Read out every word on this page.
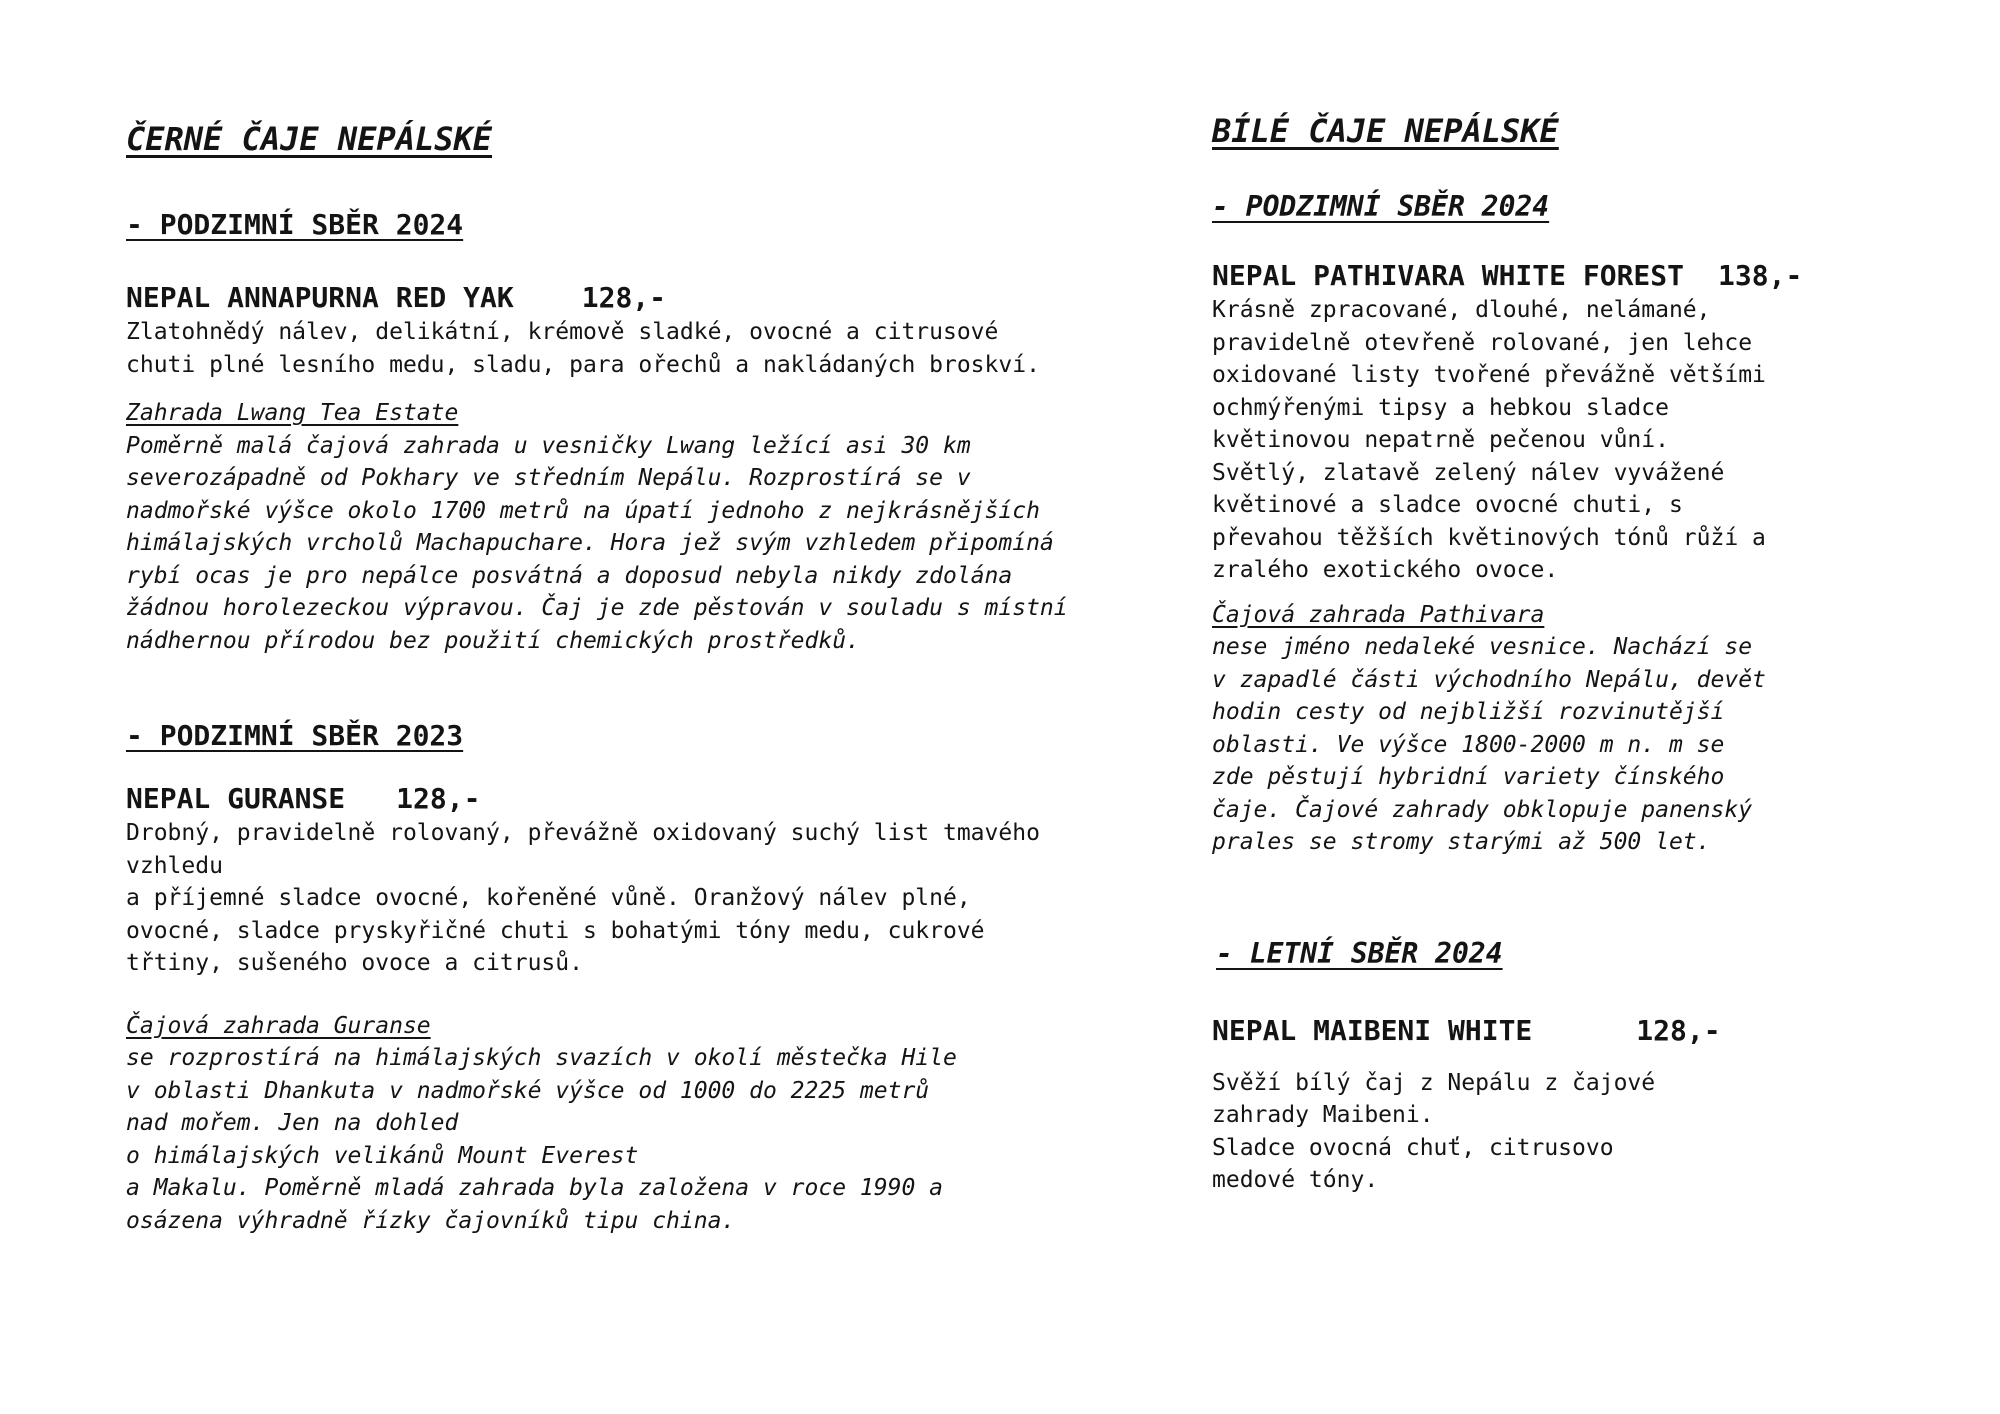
ČERNÉ ČAJE NEPÁLSKÉ
- PODZIMNÍ SBĚR 2024
NEPAL ANNAPURNA RED YAK 128,-

Zlatohnědý nálev, delikátní, krémově sladké, ovocné a citrusové
chuti plné lesního medu, sladu, para ořechů a nakládaných broskví.

Zahrada Lwang Tea Estate

Poměrně malá čajová zahrada u vesničky Lwang ležící asi 30 km
severozápadně od Pokhary ve středním Nepálu. Rozprostírá se v
nadmořské výšce okolo 1700 metrů na úpatí jednoho z nejkrásnějších
himálajských vrcholů Machapuchare. Hora jež svým vzhledem připomíná
rybí ocas je pro nepálce posvátná a doposud nebyla nikdy zdolána
žádnou horolezeckou výpravou. Čaj je zde pěstován v souladu s místní
nádhernou přírodou bez použití chemických prostředků.

- PODZIMNÍ SBĚR 2023
NEPAL GURANSE 128,-

Drobný, pravidelně rolovaný, převážně oxidovaný suchý list tmavého
vzhledu
a příjemné sladce ovocné, kořeněné vůně. Oranžový nálev plné,
ovocné, sladce pryskyřičné chuti s bohatými tóny medu, cukrové
třtiny, sušeného ovoce a citrusů.

Čajová zahrada Guranse

se rozprostírá na himálajských svazích v okolí městečka Hile
v oblasti Dhankuta v nadmořské výšce od 1000 do 2225 metrů
nad mořem. Jen na dohled
o himálajských velikánů Mount Everest
a Makalu. Poměrně mladá zahrada byla založena v roce 1990 a
osázena výhradně řízky čajovníků tipu china.

BÍLÉ ČAJE NEPÁLSKÉ
- PODZIMNÍ SBĚR 2024
NEPAL PATHIVARA WHITE FOREST 138,-

Krásně zpracované, dlouhé, nelámané,
pravidelně otevřeně rolované, jen lehce
oxidované listy tvořené převážně většími
ochmýřenými tipsy a hebkou sladce
květinovou nepatrně pečenou vůní.
Světlý, zlatavě zelený nálev vyvážené
květinové a sladce ovocné chuti, s
převahou těžších květinových tónů růží a
zralého exotického ovoce.

Čajová zahrada Pathivara

nese jméno nedaleké vesnice. Nachází se
v zapadlé části východního Nepálu, devět
hodin cesty od nejbližší rozvinutější
oblasti. Ve výšce 1800-2000 m n. m se
zde pěstují hybridní variety čínského
čaje. Čajové zahrady obklopuje panenský
prales se stromy starými až 500 let.

- LETNÍ SBĚR 2024
NEPAL MAIBENI WHITE	128,-

Svěží bílý čaj z Nepálu z čajové
zahrady Maibeni.
Sladce ovocná chuť, citrusovo
medové tóny.
